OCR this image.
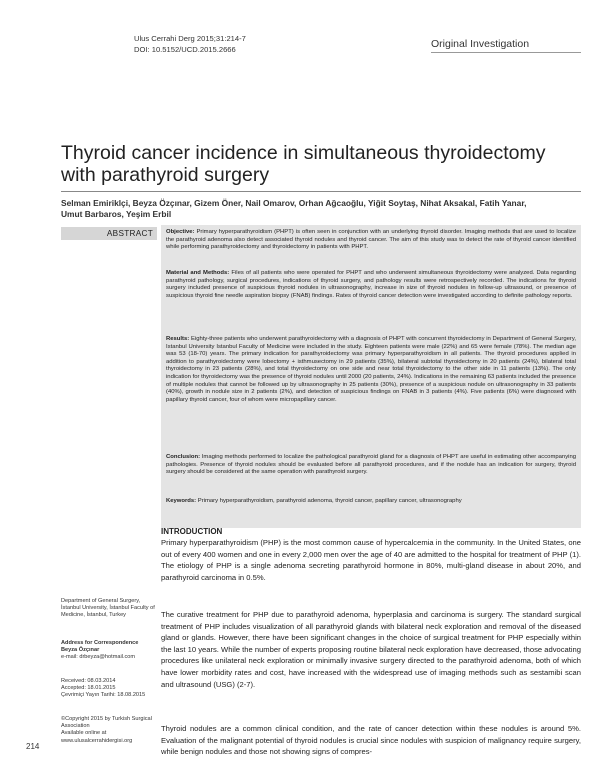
Ulus Cerrahi Derg 2015;31:214-7
DOI: 10.5152/UCD.2015.2666	Original Investigation
Thyroid cancer incidence in simultaneous thyroidectomy with parathyroid surgery
Selman Emiriklçi, Beyza Özçınar, Gizem Öner, Nail Omarov, Orhan Ağcaoğlu, Yiğit Soytaş, Nihat Aksakal, Fatih Yanar,
Umut Barbaros, Yeşim Erbil
ABSTRACT	Objective: Primary hyperparathyroidism (PHPT) is often seen in conjunction with an underlying thyroid disorder. Imaging methods that are used to localize the parathyroid adenoma also detect associated thyroid nodules and thyroid cancer. The aim of this study was to detect the rate of thyroid cancer identified while performing parathyroidectomy and thyroidectomy in patients with PHPT.
Material and Methods: Files of all patients who were operated for PHPT and who underwent simultaneous thyroidectomy were analyzed. Data regarding parathyroid pathology, surgical procedures, indications of thyroid surgery, and pathology results were retrospectively recorded. The indications for thyroid surgery included presence of suspicious thyroid nodules in ultrasonography, increase in size of thyroid nodules in follow-up ultrasound, or presence of suspicious thyroid fine needle aspiration biopsy (FNAB) findings. Rates of thyroid cancer detection were investigated according to definite pathology reports.
Results: Eighty-three patients who underwent parathyroidectomy with a diagnosis of PHPT with concurrent thyroidectomy in Department of General Surgery, Istanbul University Istanbul Faculty of Medicine were included in the study. Eighteen patients were male (22%) and 65 were female (78%). The median age was 53 (18-70) years. The primary indication for parathyroidectomy was primary hyperparathyroidism in all patients. The thyroid procedures applied in addition to parathyroidectomy were lobectomy + isthmusectomy in 29 patients (35%), bilateral subtotal thyroidectomy in 20 patients (24%), bilateral total thyroidectomy in 23 patients (28%), and total thyroidectomy on one side and near total thyroidectomy to the other side in 11 patients (13%). The only indication for thyroidectomy was the presence of thyroid nodules until 2000 (20 patients, 24%). Indications in the remaining 63 patients included the presence of multiple nodules that cannot be followed up by ultrasonography in 25 patients (30%), presence of a suspicious nodule on ultrasonography in 33 patients (40%), growth in nodule size in 2 patients (2%), and detection of suspicious findings on FNAB in 3 patients (4%). Five patients (6%) were diagnosed with papillary thyroid cancer, four of whom were micropapillary cancer.
Conclusion: Imaging methods performed to localize the pathological parathyroid gland for a diagnosis of PHPT are useful in estimating other accompanying pathologies. Presence of thyroid nodules should be evaluated before all parathyroid procedures, and if the nodule has an indication for surgery, thyroid surgery should be considered at the same operation with parathyroid surgery.
Keywords: Primary hyperparathyroidism, parathyroid adenoma, thyroid cancer, papillary cancer, ultrasonography
INTRODUCTION
Primary hyperparathyroidism (PHP) is the most common cause of hypercalcemia in the community. In the United States, one out of every 400 women and one in every 2,000 men over the age of 40 are admitted to the hospital for treatment of PHP (1). The etiology of PHP is a single adenoma secreting parathyroid hormone in 80%, multi-gland disease in about 20%, and parathyroid carcinoma in 0.5%.
The curative treatment for PHP due to parathyroid adenoma, hyperplasia and carcinoma is surgery. The standard surgical treatment of PHP includes visualization of all parathyroid glands with bilateral neck exploration and removal of the diseased gland or glands. However, there have been significant changes in the choice of surgical treatment for PHP especially within the last 10 years. While the number of experts proposing routine bilateral neck exploration have decreased, those advocating procedures like unilateral neck exploration or minimally invasive surgery directed to the parathyroid adenoma, both of which have lower morbidity rates and cost, have increased with the widespread use of imaging methods such as sestamibi scan and ultrasound (USG) (2-7).
Thyroid nodules are a common clinical condition, and the rate of cancer detection within these nodules is around 5%. Evaluation of the malignant potential of thyroid nodules is crucial since nodules with suspicion of malignancy require surgery, while benign nodules and those not showing signs of compres-
Department of General Surgery, İstanbul University, İstanbul Faculty of Medicine, İstanbul, Turkey
Address for Correspondence
Beyza Özçınar
e-mail: drbeyza@hotmail.com
Received: 08.03.2014
Accepted: 18.01.2015
Çevrimiçi Yayın Tarihi: 18.08.2015
©Copyright 2015 by Turkish Surgical Association
Available online at
www.ulusalcerrahidergisi.org
214
